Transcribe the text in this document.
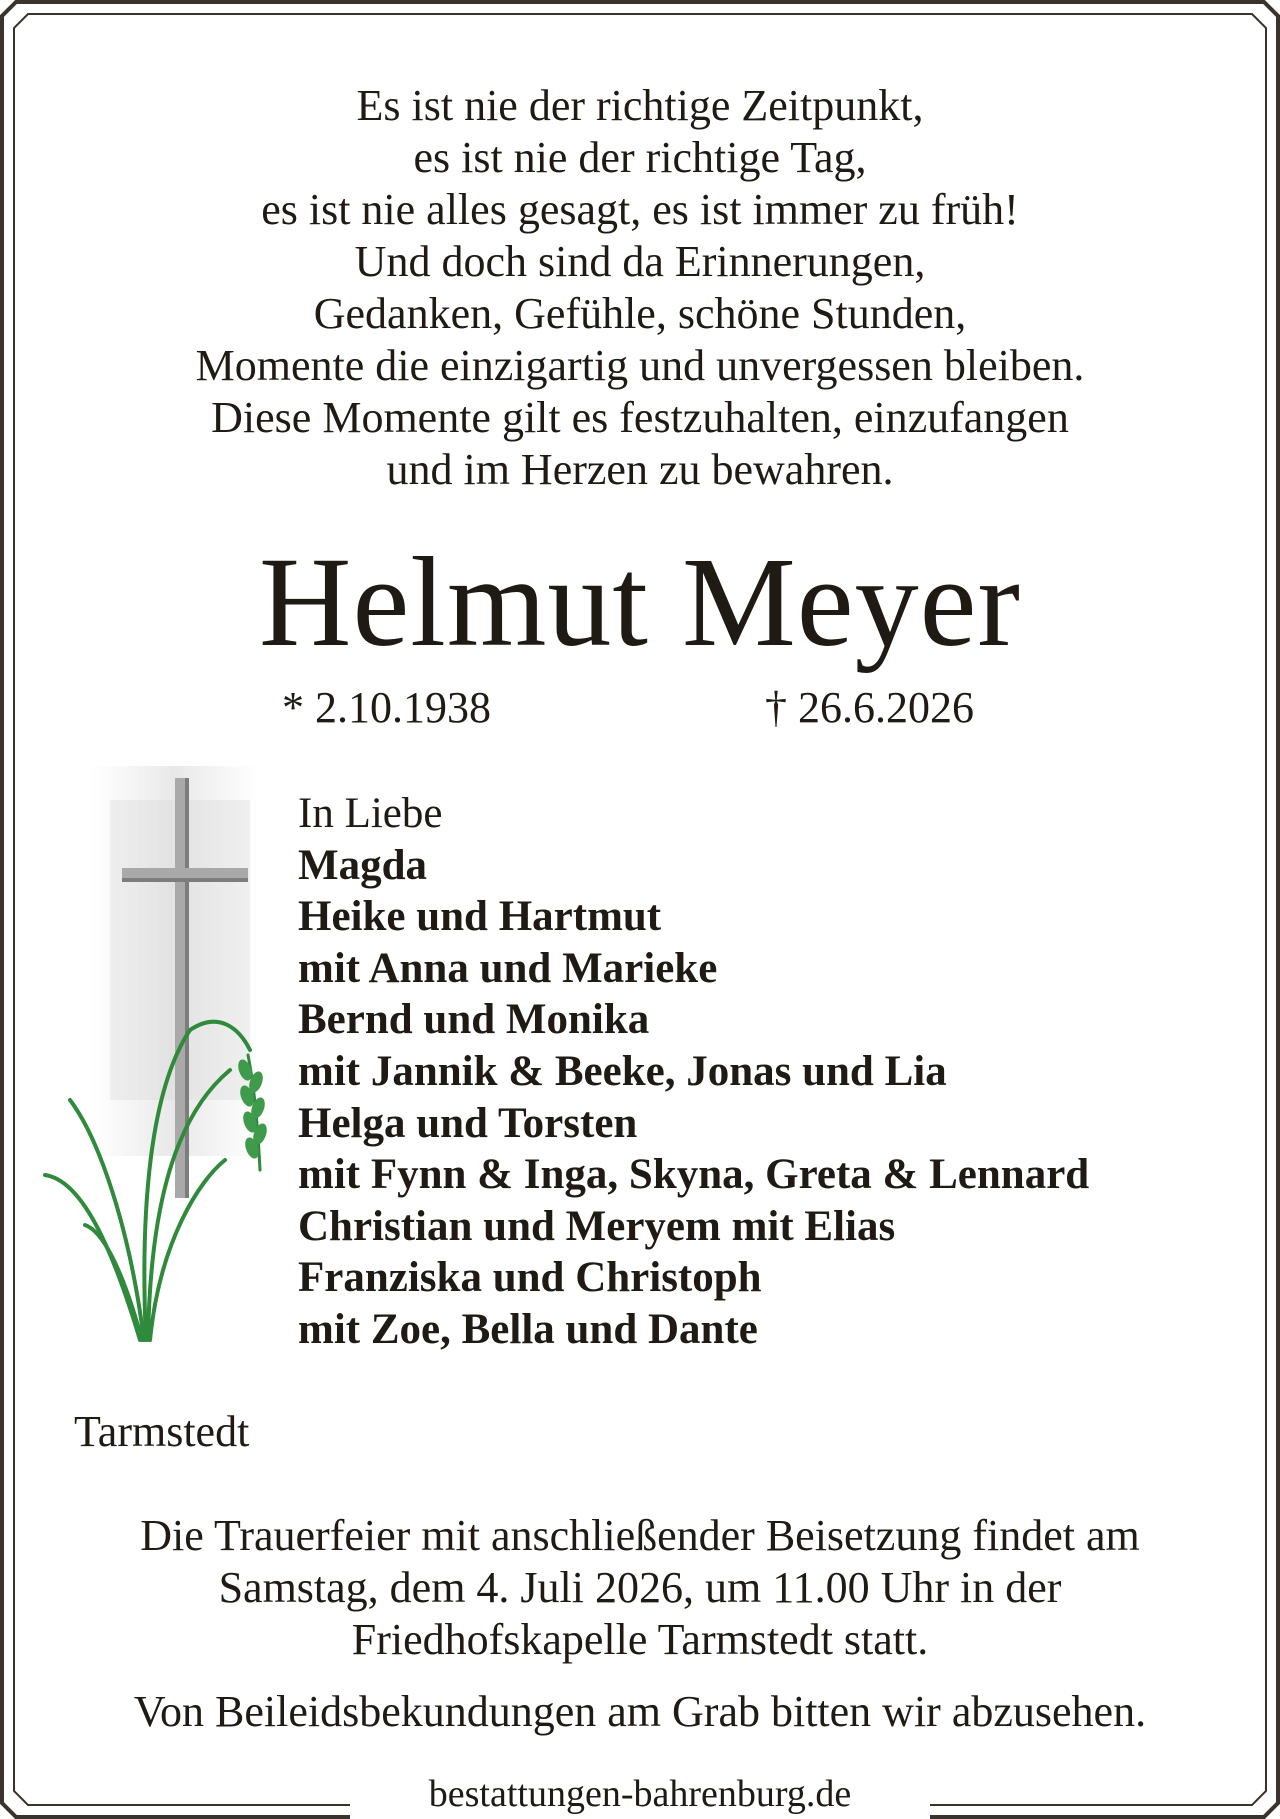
Es ist nie der richtige Zeitpunkt,
es ist nie der richtige Tag,
es ist nie alles gesagt, es ist immer zu früh!
Und doch sind da Erinnerungen,
Gedanken, Gefühle, schöne Stunden,
Momente die einzigartig und unvergessen bleiben.
Diese Momente gilt es festzuhalten, einzufangen
und im Herzen zu bewahren.
Helmut Meyer
* 2.10.1938	† 26.6.2026
In Liebe
Magda
Heike und Hartmut
mit Anna und Marieke
Bernd und Monika
mit Jannik & Beeke, Jonas und Lia
Helga und Torsten
mit Fynn & Inga, Skyna, Greta & Lennard
Christian und Meryem mit Elias
Franziska und Christoph
mit Zoe, Bella und Dante
Tarmstedt
Die Trauerfeier mit anschließender Beisetzung findet am
Samstag, dem 4. Juli 2026, um 11.00 Uhr in der
Friedhofskapelle Tarmstedt statt.
Von Beileidsbekundungen am Grab bitten wir abzusehen.
bestattungen-bahrenburg.de
